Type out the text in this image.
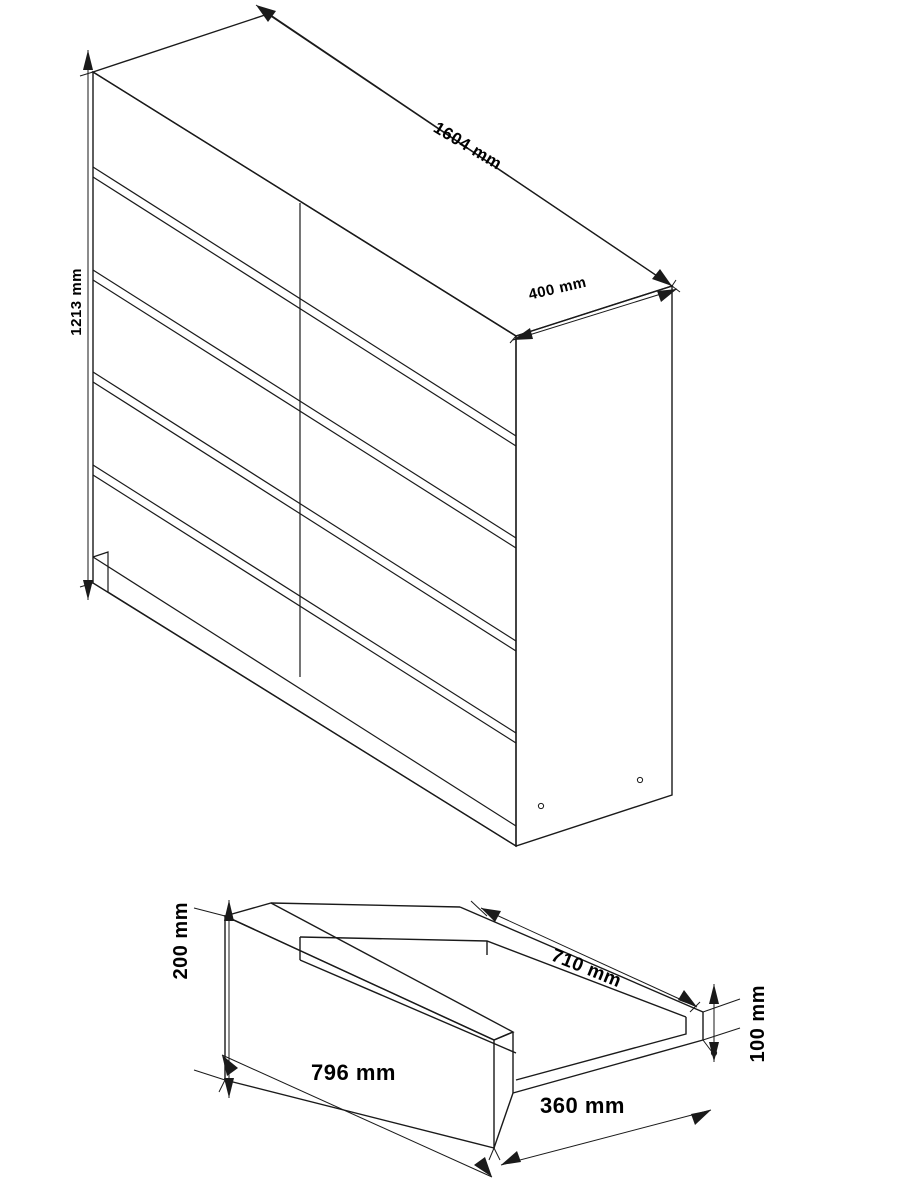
1604 mm
400 mm
1213 mm
710 mm
200 mm
100 mm
796 mm
360 mm
